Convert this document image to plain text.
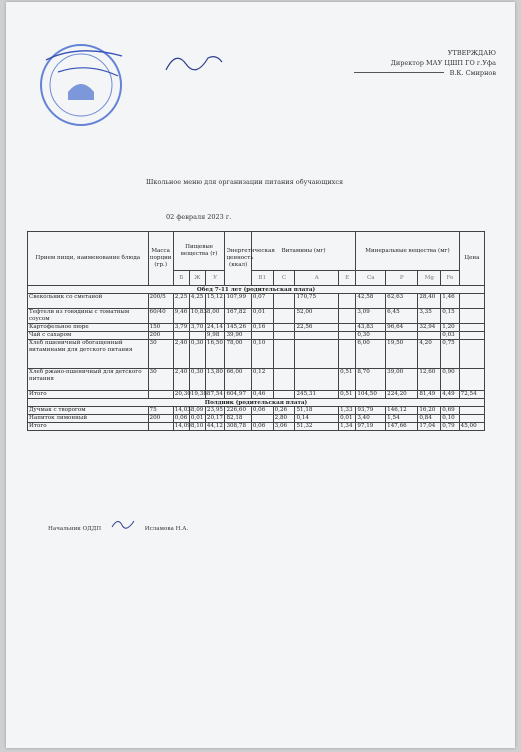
УТВЕРЖДАЮ
Директор МАУ ЦШП ГО г.Уфа
В.К. Смирнов
Школьное меню для организации питания обучающихся
02 февраля 2023 г.
Прием пищи, наименование блюда	Масса порции (гр.)	Пищевые вещества (г)			Энергетическая ценность (ккал)	Витамины (мг)				Минеральные вещества (мг)				Цена
		Б	Ж	У		B1	C	A	E	Ca	P	Mg	Fe	
Обед 7-11 лет (родительская плата)														
Свекольник со сметаной	200/5	2,25	4,25	15,12	107,99	0,07		170,75		42,58	62,63	28,40	1,46	
Тефтели из говядины с томатным соусом	60/40	9,46	10,83	8,00	167,82	0,01		52,00		3,09	6,45	3,35	0,15	
Картофельное пюре	150	3,79	3,70	24,14	145,26	0,16		22,56		43,83	96,64	32,94	1,20	
Чай с сахаром	200			9,98	39,90					0,30			0,03	
Хлеб пшеничный обогащенный витаминами для детского питания	30	2,40	0,30	16,50	78,00	0,10				6,00	19,50	4,20	0,75	
Хлеб ржано-пшеничный для детского питания	30	2,40	0,30	13,80	66,00	0,12			0,51	8,70	39,00	12,60	0,90	
Итого		20,30	19,38	87,54	604,97	0,46		245,31	0,51	104,50	224,20	81,49	4,49	72,54
Полдник (родительская плата)														
Дучмак с творогом	75	14,03	8,09	23,95	226,60	0,06	0,26	51,18	1,33	93,79	146,12	16,20	0,69	
Напиток лимонный	200	0,06	0,01	20,17	82,18		2,80	0,14	0,01	3,40	1,54	0,84	0,10	
Итого		14,09	8,10	44,12	308,78	0,06	3,06	51,32	1,34	97,19	147,66	17,04	0,79	45,00
Начальник ОДДП	Исламова Н.А.
